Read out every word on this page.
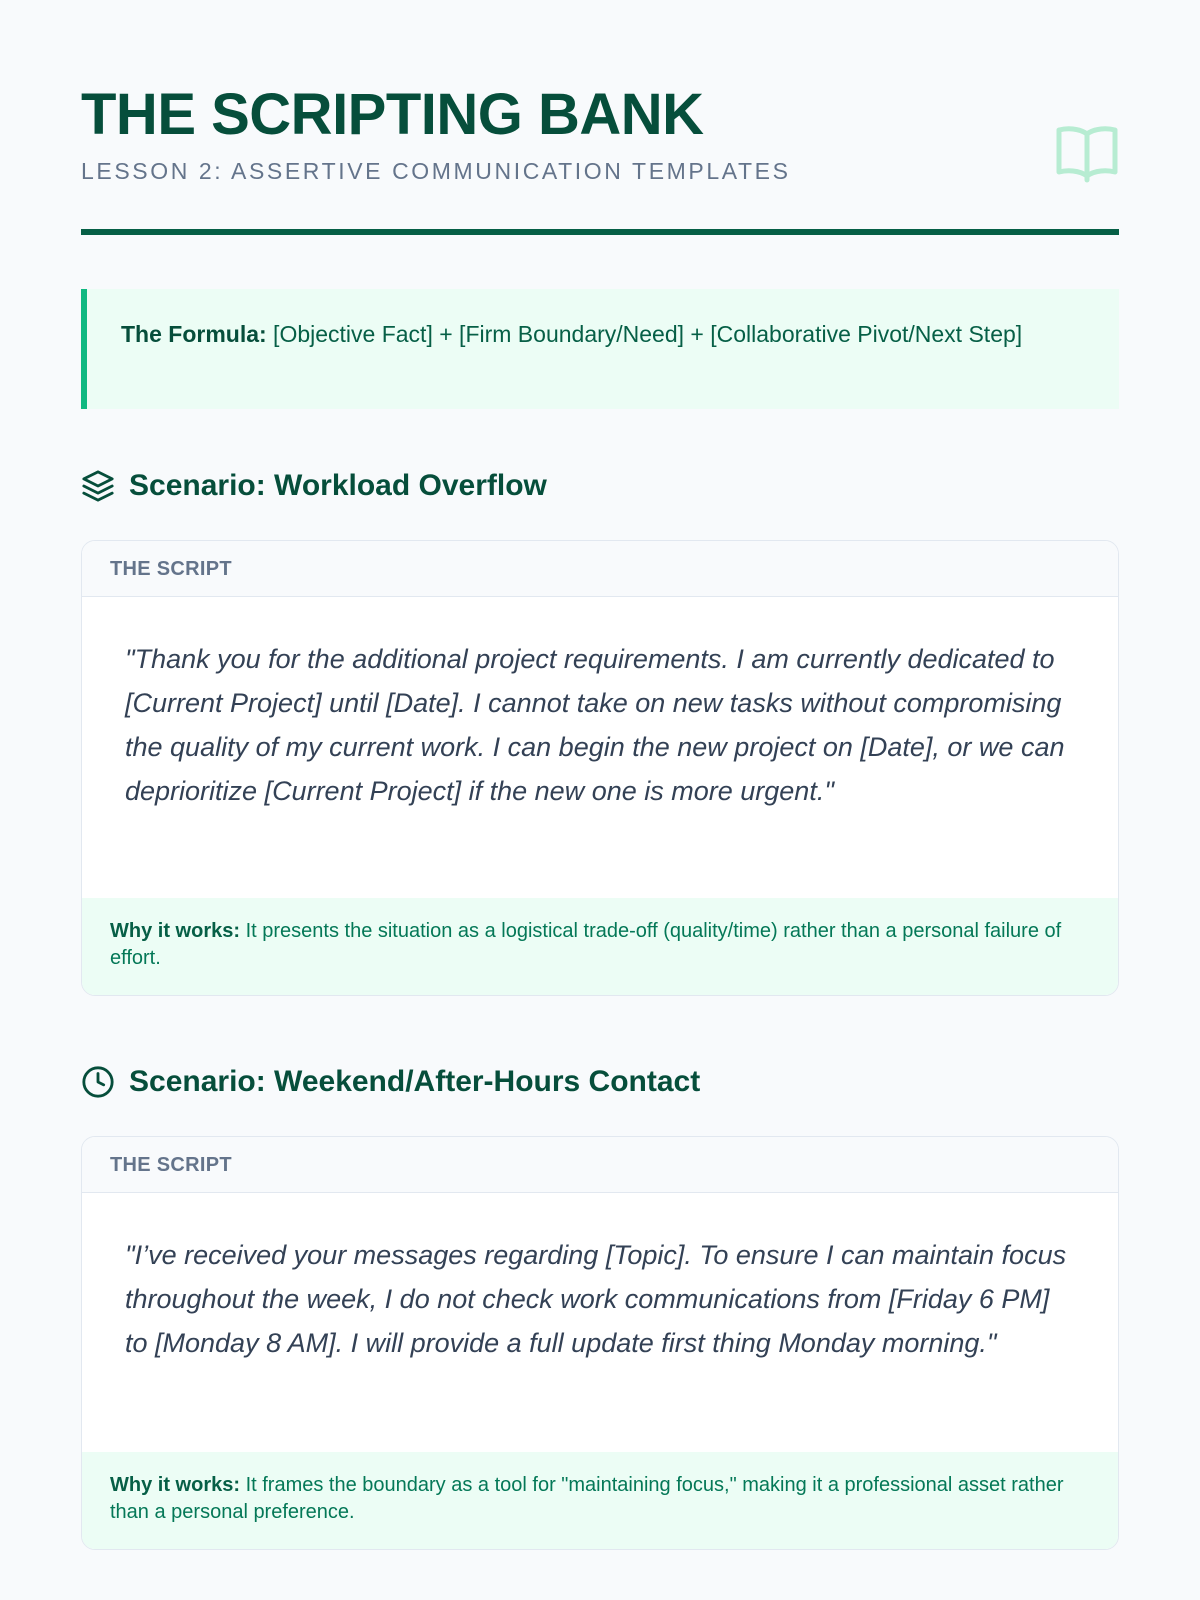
THE SCRIPTING BANK
LESSON 2: ASSERTIVE COMMUNICATION TEMPLATES
The Formula: [Objective Fact] + [Firm Boundary/Need] + [Collaborative Pivot/Next Step]
Scenario: Workload Overflow
THE SCRIPT
"Thank you for the additional project requirements. I am currently dedicated to [Current Project] until [Date]. I cannot take on new tasks without compromising the quality of my current work. I can begin the new project on [Date], or we can deprioritize [Current Project] if the new one is more urgent."
Why it works: It presents the situation as a logistical trade-off (quality/time) rather than a personal failure of effort.
Scenario: Weekend/After-Hours Contact
THE SCRIPT
"I’ve received your messages regarding [Topic]. To ensure I can maintain focus throughout the week, I do not check work communications from [Friday 6 PM] to [Monday 8 AM]. I will provide a full update first thing Monday morning."
Why it works: It frames the boundary as a tool for "maintaining focus," making it a professional asset rather than a personal preference.
